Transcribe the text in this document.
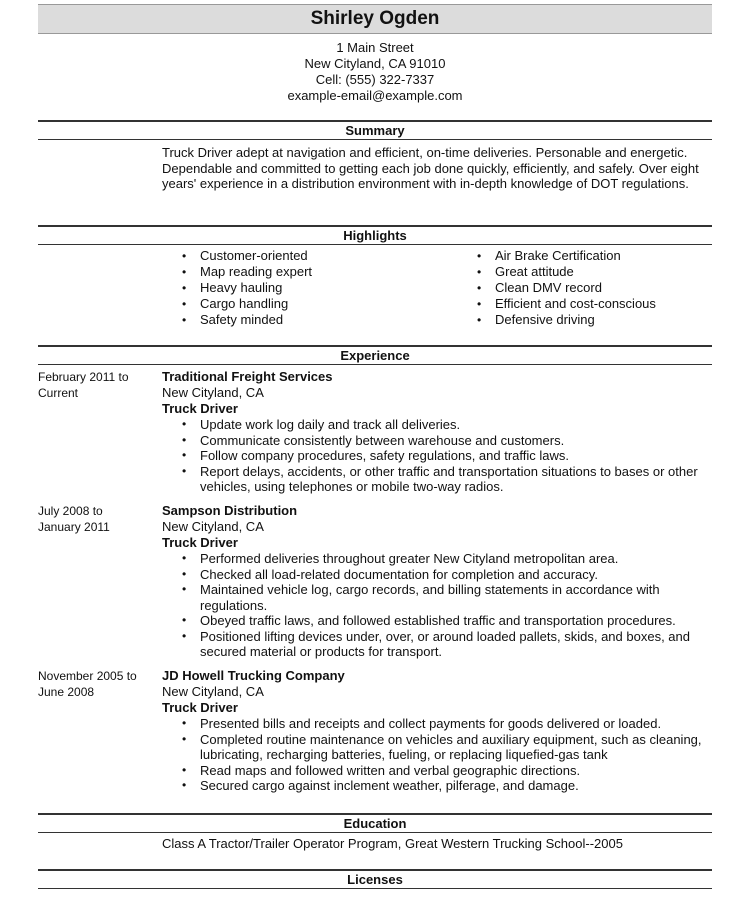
Shirley Ogden
1 Main Street
New Cityland, CA 91010
Cell: (555) 322-7337
example-email@example.com
Summary
Truck Driver adept at navigation and efficient, on-time deliveries. Personable and energetic. Dependable and committed to getting each job done quickly, efficiently, and safely. Over eight years' experience in a distribution environment with in-depth knowledge of DOT regulations.
Highlights
• Customer-oriented
• Map reading expert
• Heavy hauling
• Cargo handling
• Safety minded
• Air Brake Certification
• Great attitude
• Clean DMV record
• Efficient and cost-conscious
• Defensive driving
Experience
February 2011 to
Current
Traditional Freight Services
New Cityland, CA
Truck Driver
• Update work log daily and track all deliveries.
• Communicate consistently between warehouse and customers.
• Follow company procedures, safety regulations, and traffic laws.
• Report delays, accidents, or other traffic and transportation situations to bases or other vehicles, using telephones or mobile two-way radios.
July 2008 to
January 2011
Sampson Distribution
New Cityland, CA
Truck Driver
• Performed deliveries throughout greater New Cityland metropolitan area.
• Checked all load-related documentation for completion and accuracy.
• Maintained vehicle log, cargo records, and billing statements in accordance with regulations.
• Obeyed traffic laws, and followed established traffic and transportation procedures.
• Positioned lifting devices under, over, or around loaded pallets, skids, and boxes, and secured material or products for transport.
November 2005 to
June 2008
JD Howell Trucking Company
New Cityland, CA
Truck Driver
• Presented bills and receipts and collect payments for goods delivered or loaded.
• Completed routine maintenance on vehicles and auxiliary equipment, such as cleaning, lubricating, recharging batteries, fueling, or replacing liquefied-gas tank
• Read maps and followed written and verbal geographic directions.
• Secured cargo against inclement weather, pilferage, and damage.
Education
Class A Tractor/Trailer Operator Program, Great Western Trucking School--2005
Licenses
